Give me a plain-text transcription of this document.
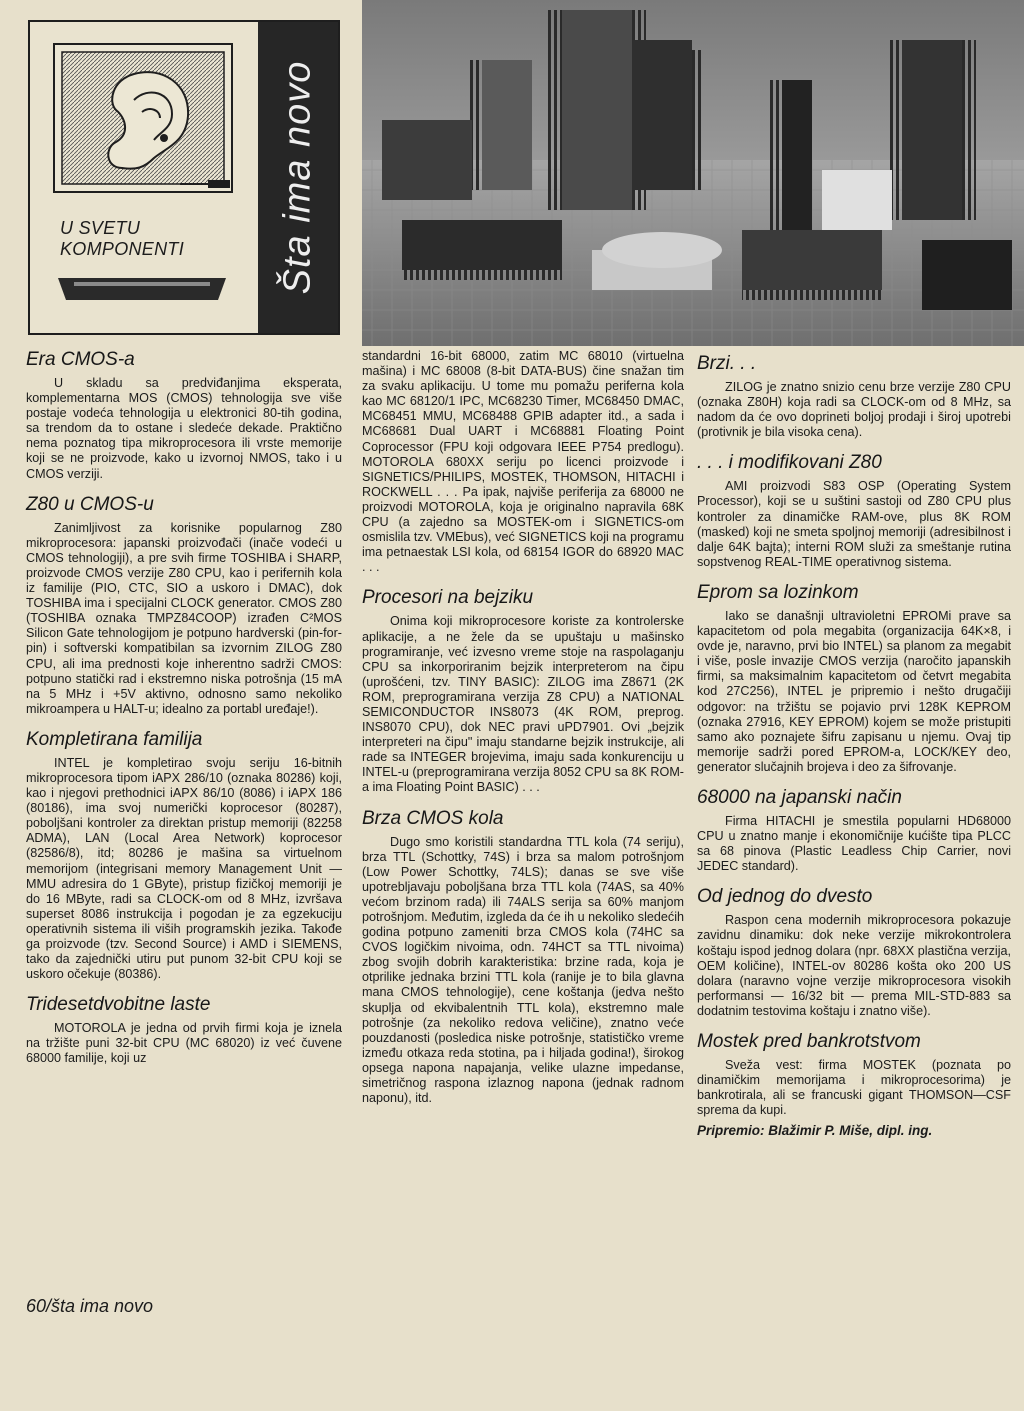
U SVETU
KOMPONENTI Šta ima novo
Era CMOS-a

U skladu sa predviđanjima eksperata, komplementarna MOS (CMOS) tehnologija sve više postaje vodeća tehnologija u elektronici 80-tih godina, sa trendom da to ostane i sledeće dekade. Praktično nema poznatog tipa mikroprocesora ili vrste memorije koji se ne proizvode, kako u izvornoj NMOS, tako i u CMOS verziji.

Z80 u CMOS-u

Zanimljivost za korisnike popularnog Z80 mikroprocesora: japanski proizvođači (inače vodeći u CMOS tehnologiji), a pre svih firme TOSHIBA i SHARP, proizvode CMOS verzije Z80 CPU, kao i perifernih kola iz familije (PIO, CTC, SIO a uskoro i DMAC), dok TOSHIBA ima i specijalni CLOCK generator. CMOS Z80 (TOSHIBA oznaka TMPZ84COOP) izrađen C²MOS Silicon Gate tehnologijom je potpuno hardverski (pin-for-pin) i softverski kompatibilan sa izvornim ZILOG Z80 CPU, ali ima prednosti koje inherentno sadrži CMOS: potpuno statički rad i ekstremno niska potrošnja (15 mA na 5 MHz i +5V aktivno, odnosno samo nekoliko mikroampera u HALT-u; idealno za portabl uređaje!).

Kompletirana familija

INTEL je kompletirao svoju seriju 16-bitnih mikroprocesora tipom iAPX 286/10 (oznaka 80286) koji, kao i njegovi prethodnici iAPX 86/10 (8086) i iAPX 186 (80186), ima svoj numerički koprocesor (80287), poboljšani kontroler za direktan pristup memoriji (82258 ADMA), LAN (Local Area Network) koprocesor (82586/8), itd; 80286 je mašina sa virtuelnom memorijom (integrisani memory Management Unit — MMU adresira do 1 GByte), pristup fizičkoj memoriji je do 16 MByte, radi sa CLOCK-om od 8 MHz, izvršava superset 8086 instrukcija i pogodan je za egzekuciju operativnih sistema ili viših programskih jezika. Takođe ga proizvode (tzv. Second Source) i AMD i SIEMENS, tako da zajednički utiru put punom 32-bit CPU koji se uskoro očekuje (80386).

Tridesetdvobitne laste

MOTOROLA je jedna od prvih firmi koja je iznela na tržište puni 32-bit CPU (MC 68020) iz već čuvene 68000 familije, koji uz

standardni 16-bit 68000, zatim MC 68010 (virtuelna mašina) i MC 68008 (8-bit DATA-BUS) čine snažan tim za svaku aplikaciju. U tome mu pomažu periferna kola kao MC 68120/1 IPC, MC68230 Timer, MC68450 DMAC, MC68451 MMU, MC68488 GPIB adapter itd., a sada i MC68681 Dual UART i MC68881 Floating Point Coprocessor (FPU koji odgovara IEEE P754 predlogu). MOTOROLA 680XX seriju po licenci proizvode i SIGNETICS/PHILIPS, MOSTEK, THOMSON, HITACHI i ROCKWELL . . . Pa ipak, najviše periferija za 68000 ne proizvodi MOTOROLA, koja je originalno napravila 68K CPU (a zajedno sa MOSTEK-om i SIGNETICS-om osmislila tzv. VMEbus), već SIGNETICS koji na programu ima petnaestak LSI kola, od 68154 IGOR do 68920 MAC . . .

Procesori na bejziku

Onima koji mikroprocesore koriste za kontrolerske aplikacije, a ne žele da se upuštaju u mašinsko programiranje, već izvesno vreme stoje na raspolaganju CPU sa inkorporiranim bejzik interpreterom na čipu (uprošćeni, tzv. TINY BASIC): ZILOG ima Z8671 (2K ROM, preprogramirana verzija Z8 CPU) a NATIONAL SEMICONDUCTOR INS8073 (4K ROM, preprog. INS8070 CPU), dok NEC pravi uPD7901. Ovi „bejzik interpreteri na čipu" imaju standarne bejzik instrukcije, ali rade sa INTEGER brojevima, imaju sada konkurenciju u INTEL-u (preprogramirana verzija 8052 CPU sa 8K ROM-a ima Floating Point BASIC) . . .

Brza CMOS kola

Dugo smo koristili standardna TTL kola (74 seriju), brza TTL (Schottky, 74S) i brza sa malom potrošnjom (Low Power Schottky, 74LS); danas se sve više upotrebljavaju poboljšana brza TTL kola (74AS, sa 40% većom brzinom rada) ili 74ALS serija sa 60% manjom potrošnjom. Međutim, izgleda da će ih u nekoliko sledećih godina potpuno zameniti brza CMOS kola (74HC sa CVOS logičkim nivoima, odn. 74HCT sa TTL nivoima) zbog svojih dobrih karakteristika: brzine rada, koja je otprilike jednaka brzini TTL kola (ranije je to bila glavna mana CMOS tehnologije), cene koštanja (jedva nešto skuplja od ekvibalentnih TTL kola), ekstremno male potrošnje (za nekoliko redova veličine), znatno veće pouzdanosti (posledica niske potrošnje, statističko vreme između otkaza reda stotina, pa i hiljada godina!), širokog opsega napona napajanja, velike ulazne impedanse, simetričnog raspona izlaznog napona (jednak radnom naponu), itd.

Brzi. . .

ZILOG je znatno snizio cenu brze verzije Z80 CPU (oznaka Z80H) koja radi sa CLOCK-om od 8 MHz, sa nadom da će ovo doprineti boljoj prodaji i široj upotrebi (protivnik je bila visoka cena).

. . . i modifikovani Z80

AMI proizvodi S83 OSP (Operating System Processor), koji se u suštini sastoji od Z80 CPU plus kontroler za dinamičke RAM-ove, plus 8K ROM (masked) koji ne smeta spoljnoj memoriji (adresibilnost i dalje 64K bajta); interni ROM služi za smeštanje rutina sopstvenog REAL-TIME operativnog sistema.

Eprom sa lozinkom

Iako se današnji ultravioletni EPROMi prave sa kapacitetom od pola megabita (organizacija 64K×8, i ovde je, naravno, prvi bio INTEL) sa planom za megabit i više, posle invazije CMOS verzija (naročito japanskih firmi, sa maksimalnim kapacitetom od četvrt megabita kod 27C256), INTEL je pripremio i nešto drugačiji odgovor: na tržištu se pojavio prvi 128K KEPROM (oznaka 27916, KEY EPROM) kojem se može pristupiti samo ako poznajete šifru zapisanu u njemu. Ovaj tip memorije sadrži pored EPROM-a, LOCK/KEY deo, generator slučajnih brojeva i deo za šifrovanje.

68000 na japanski način

Firma HITACHI je smestila popularni HD68000 CPU u znatno manje i ekonomičnije kućište tipa PLCC sa 68 pinova (Plastic Leadless Chip Carrier, novi JEDEC standard).

Od jednog do dvesto

Raspon cena modernih mikroprocesora pokazuje zavidnu dinamiku: dok neke verzije mikrokontrolera koštaju ispod jednog dolara (npr. 68XX plastična verzija, OEM količine), INTEL-ov 80286 košta oko 200 US dolara (naravno vojne verzije mikroprocesora visokih performansi — 16/32 bit — prema MIL-STD-883 sa dodatnim testovima koštaju i znatno više).

Mostek pred bankrotstvom

Sveža vest: firma MOSTEK (poznata po dinamičkim memorijama i mikroprocesorima) je bankrotirala, ali se francuski gigant THOMSON—CSF sprema da kupi.

Pripremio: Blažimir P. Miše, dipl. ing.

60/šta ima novo
